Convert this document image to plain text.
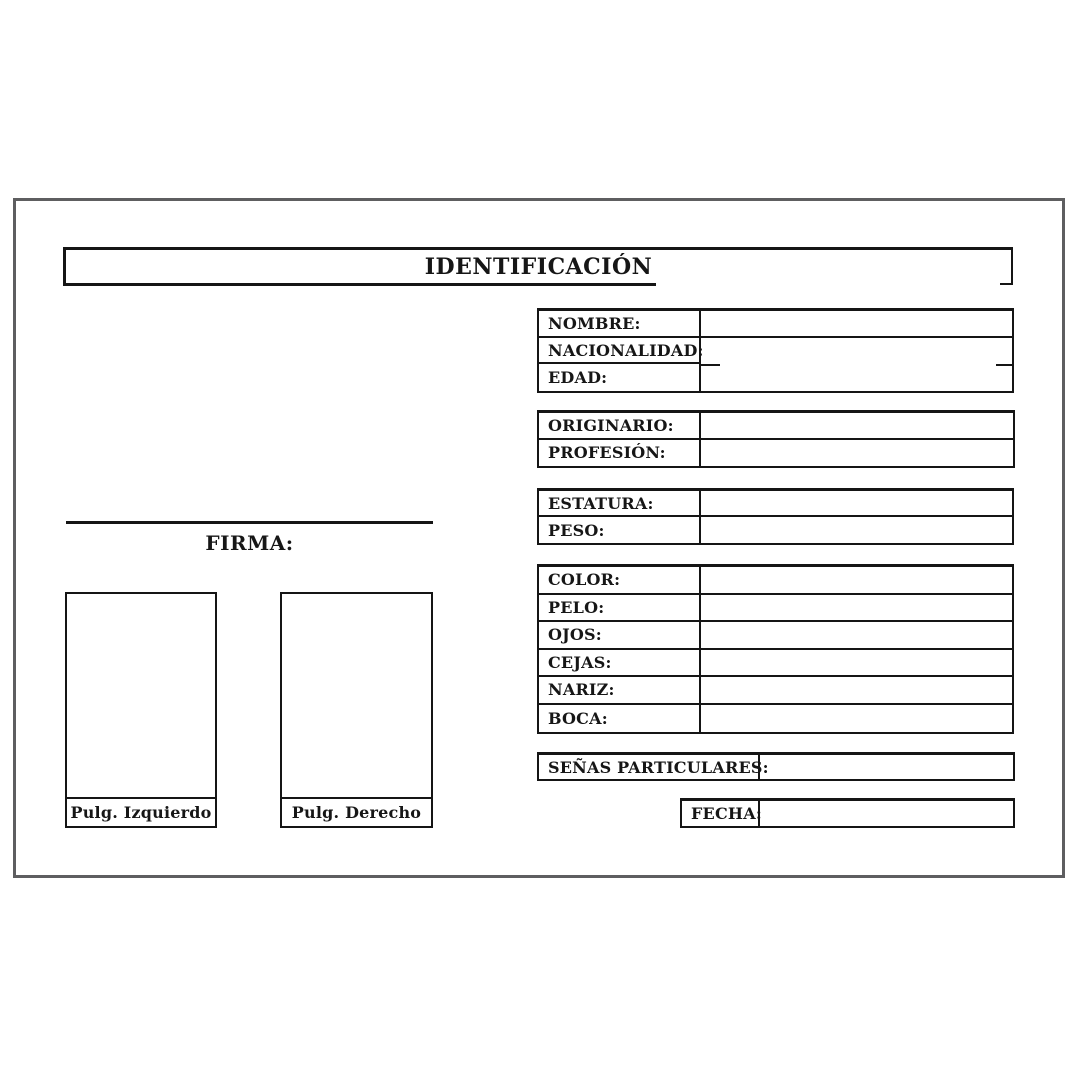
IDENTIFICACIÓN
NOMBRE:
NACIONALIDAD:
EDAD:
ORIGINARIO:
PROFESIÓN:
ESTATURA:
PESO:
COLOR:
PELO:
OJOS:
CEJAS:
NARIZ:
BOCA:
SEÑAS PARTICULARES:
FECHA:
FIRMA:
Pulg. Izquierdo	Pulg. Derecho
